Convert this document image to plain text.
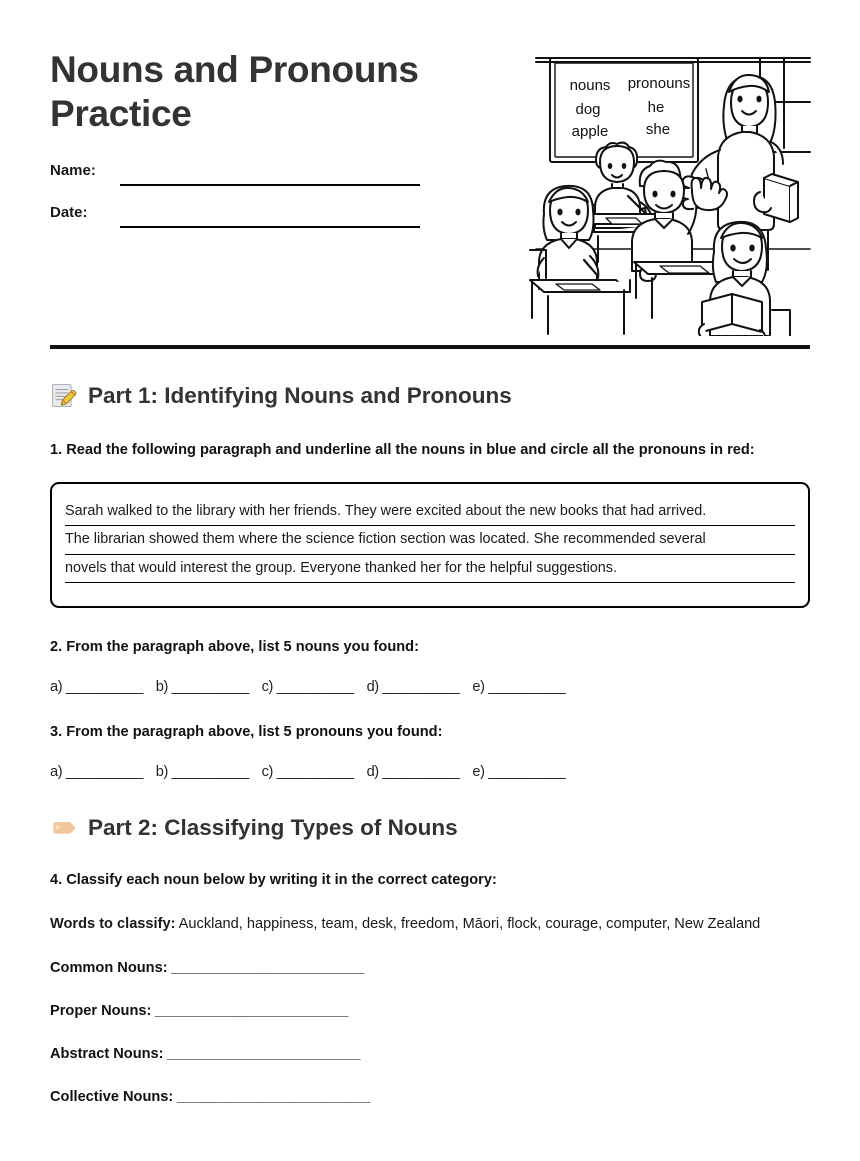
Nouns and Pronouns Practice
Name:
Date:
nouns
dog
apple
pronouns
he
she
Part 1: Identifying Nouns and Pronouns

1. Read the following paragraph and underline all the nouns in blue and circle all the pronouns in red:

Sarah walked to the library with her friends. They were excited about the new books that had arrived.
The librarian showed them where the science fiction section was located. She recommended several
novels that would interest the group. Everyone thanked her for the helpful suggestions.

2. From the paragraph above, list 5 nouns you found:

a) __________ b) __________ c) __________ d) __________ e) __________

3. From the paragraph above, list 5 pronouns you found:

a) __________ b) __________ c) __________ d) __________ e) __________
Part 2: Classifying Types of Nouns

4. Classify each noun below by writing it in the correct category:

Words to classify: Auckland, happiness, team, desk, freedom, Māori, flock, courage, computer, New Zealand

Common Nouns: _________________________
Proper Nouns: _________________________
Abstract Nouns: _________________________
Collective Nouns: _________________________
